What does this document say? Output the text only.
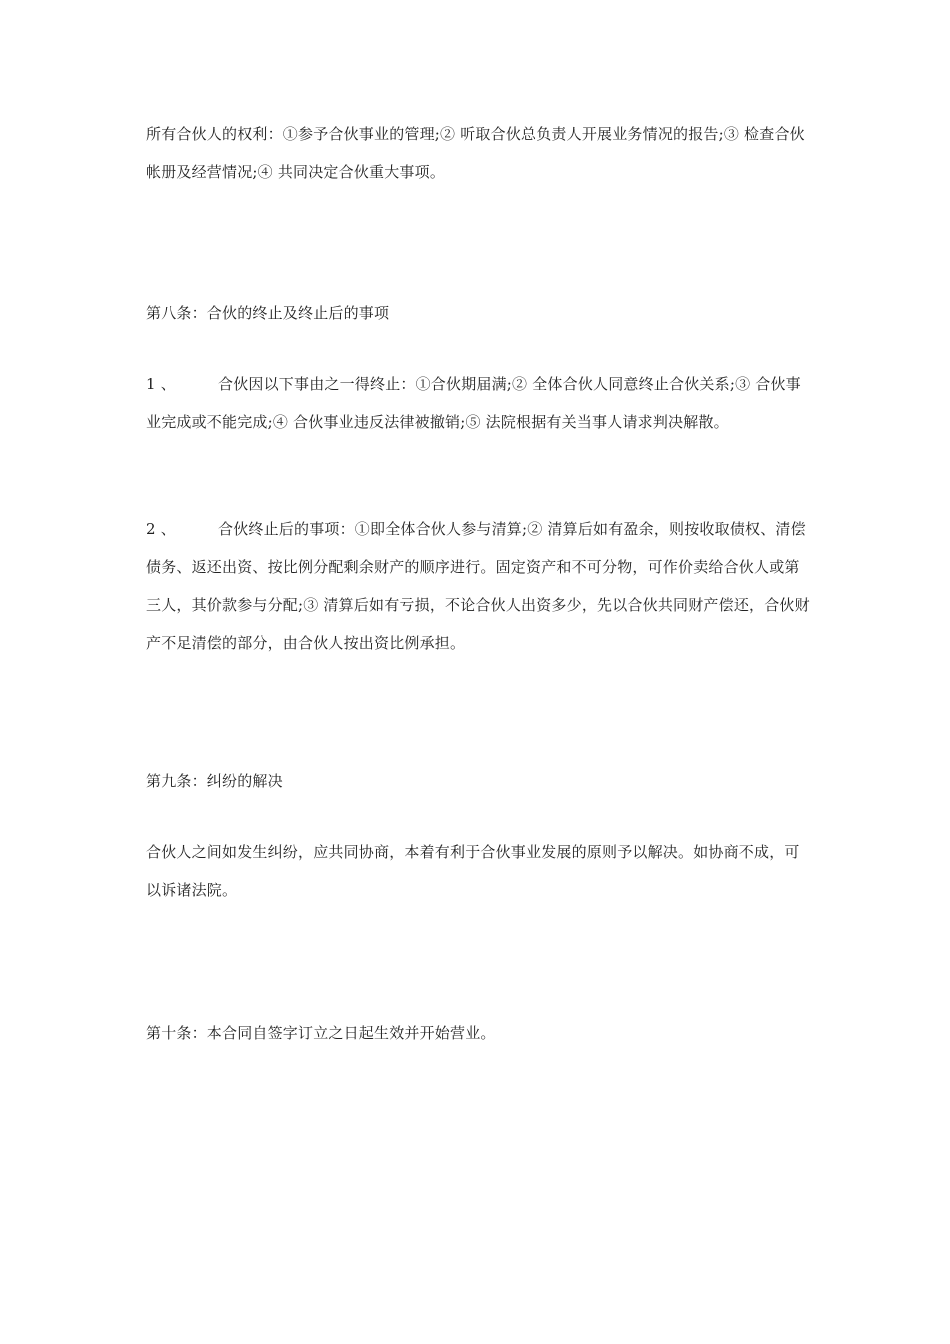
所有合伙人的权利：①参予合伙事业的管理;② 听取合伙总负责人开展业务情况的报告;③ 检查合伙帐册及经营情况;④ 共同决定合伙重大事项。

第八条：合伙的终止及终止后的事项

1 、	合伙因以下事由之一得终止：①合伙期届满;② 全体合伙人同意终止合伙关系;③ 合伙事业完成或不能完成;④ 合伙事业违反法律被撤销;⑤ 法院根据有关当事人请求判决解散。

2 、	合伙终止后的事项：①即全体合伙人参与清算;② 清算后如有盈余，则按收取债权、清偿债务、返还出资、按比例分配剩余财产的顺序进行。固定资产和不可分物，可作价卖给合伙人或第三人，其价款参与分配;③ 清算后如有亏损，不论合伙人出资多少，先以合伙共同财产偿还，合伙财产不足清偿的部分，由合伙人按出资比例承担。

第九条：纠纷的解决

合伙人之间如发生纠纷，应共同协商，本着有利于合伙事业发展的原则予以解决。如协商不成，可以诉诸法院。

第十条：本合同自签字订立之日起生效并开始营业。
